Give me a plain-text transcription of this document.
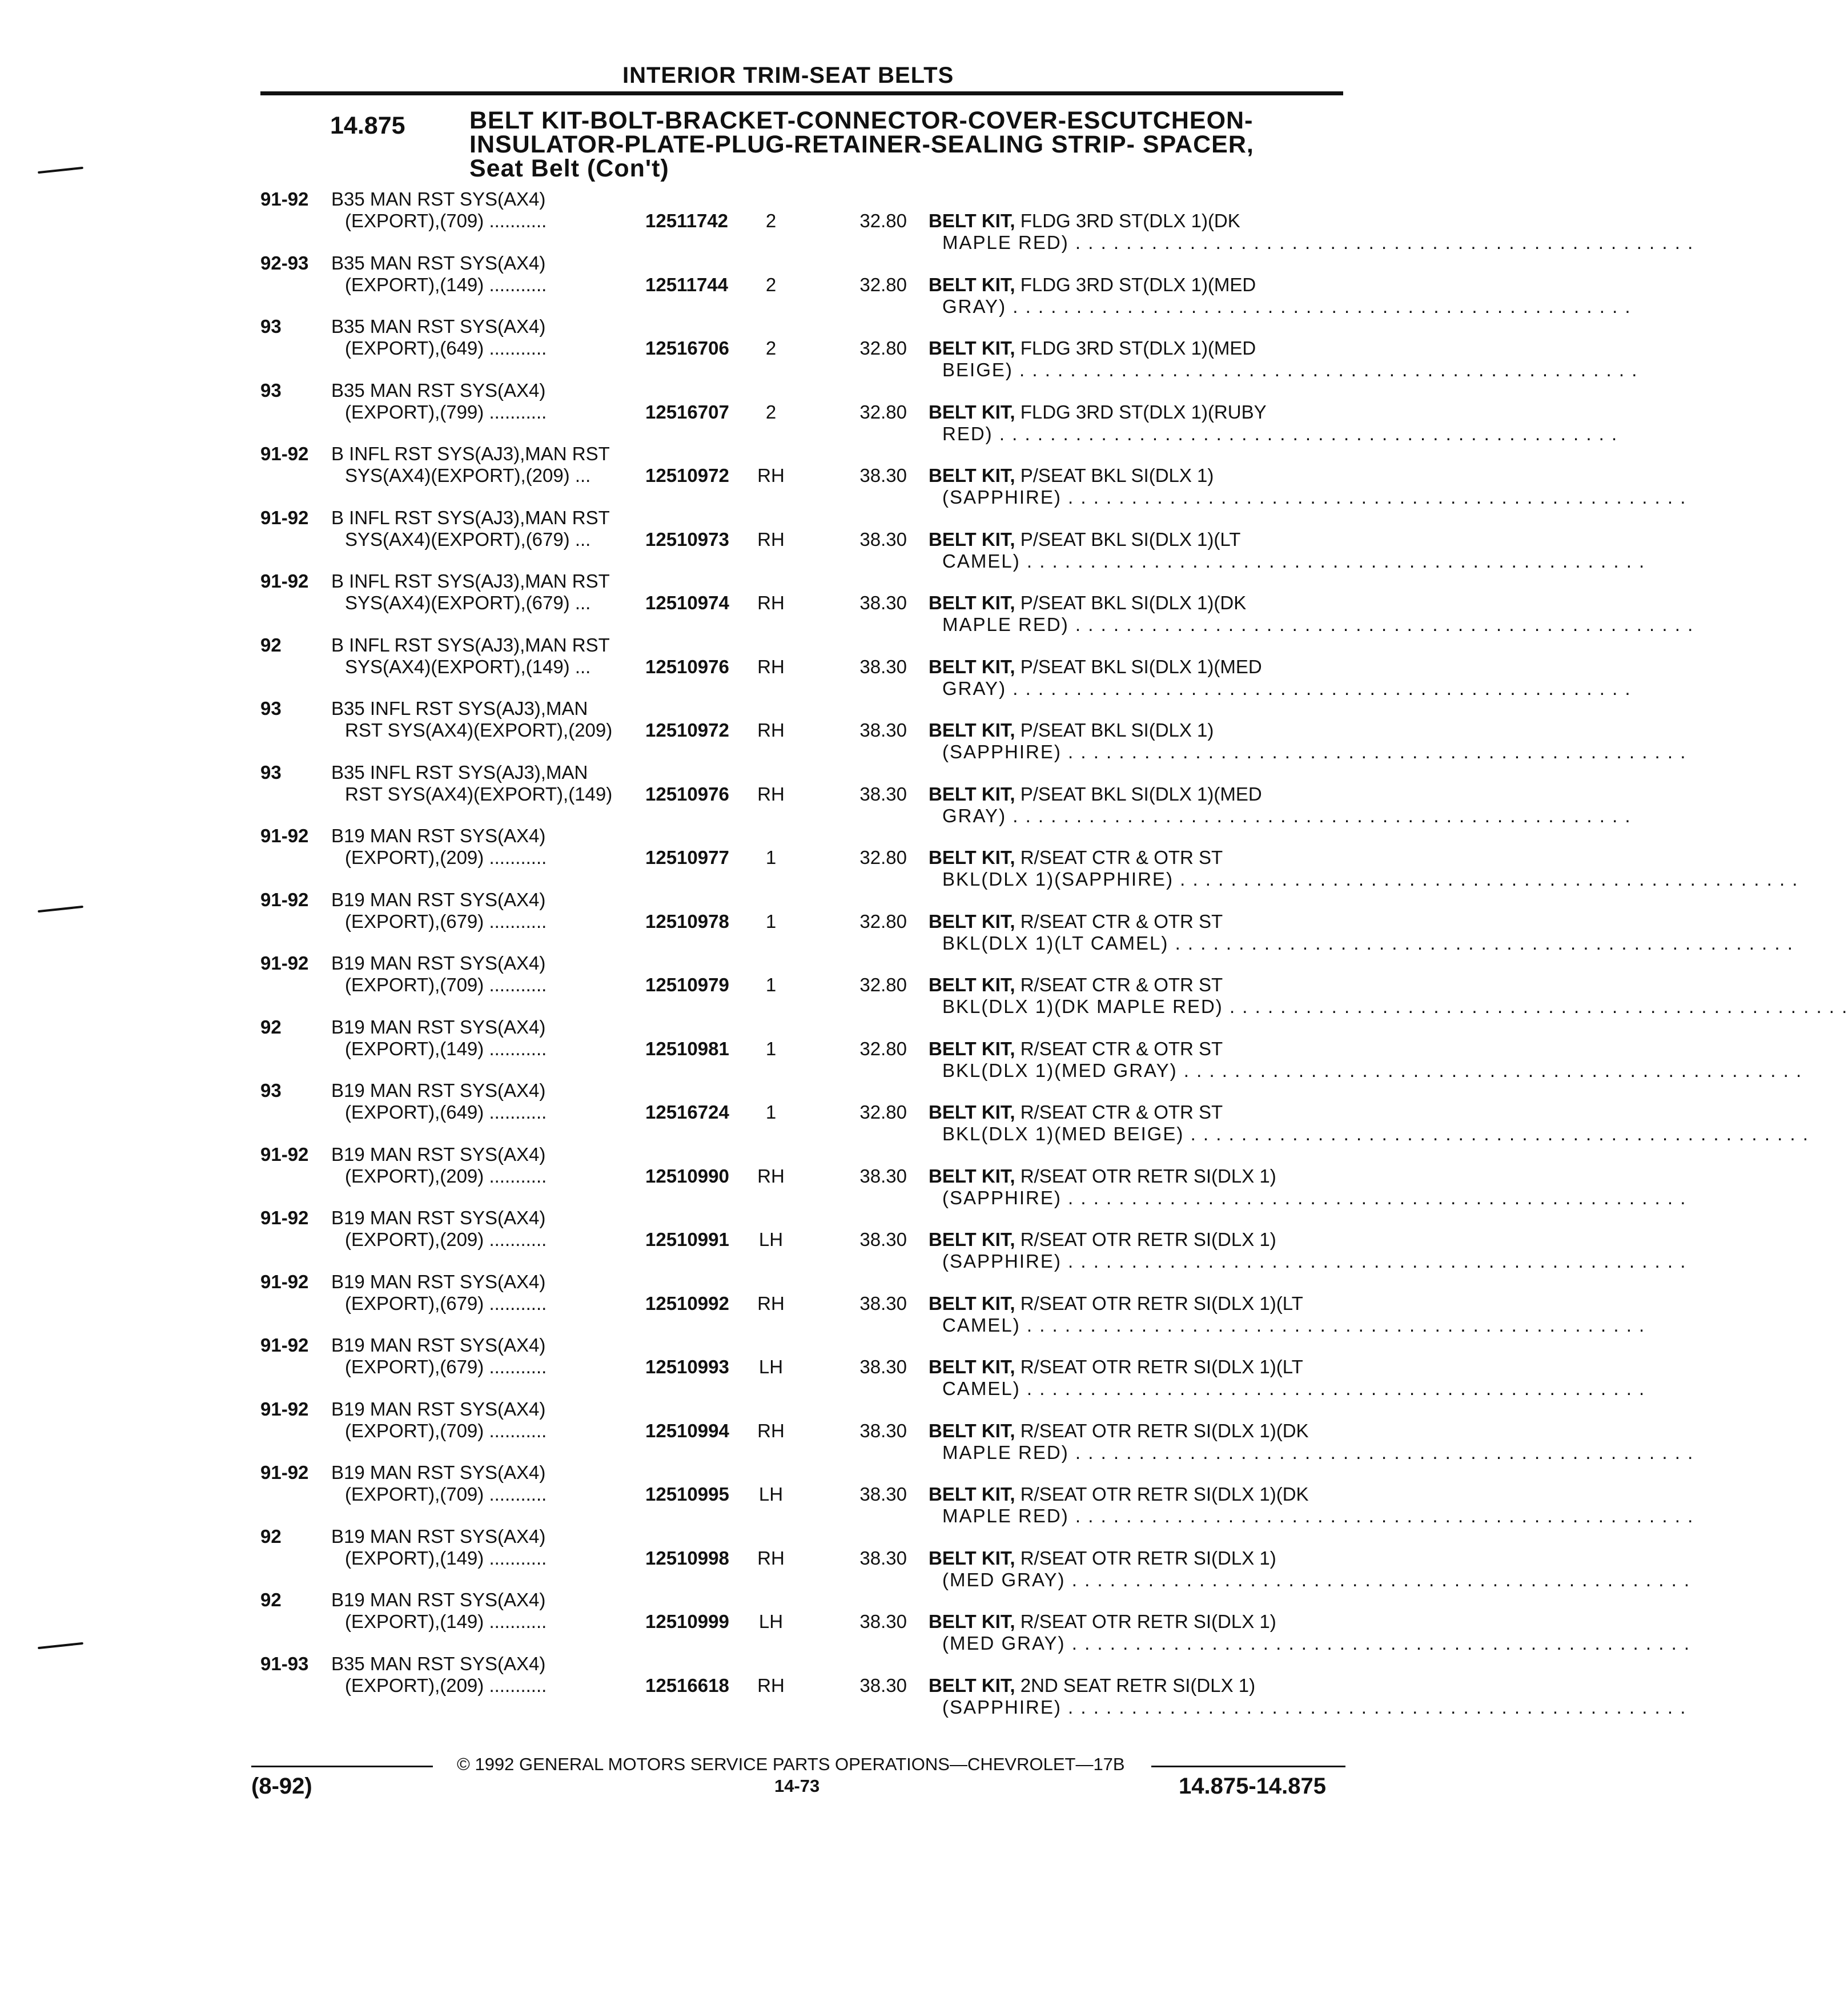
INTERIOR TRIM-SEAT BELTS
14.875	BELT KIT-BOLT-BRACKET-CONNECTOR-COVER-ESCUTCHEON-
INSULATOR-PLATE-PLUG-RETAINER-SEALING STRIP- SPACER,
Seat Belt (Con't)
91-92 B35 MAN RST SYS(AX4)
(EXPORT),(709) ...........	12511742	2	32.80 BELT KIT, FLDG 3RD ST(DLX 1)(DK
MAPLE RED) . . . . . . . . . . . . . . . . . . . . . . . . . . . . . . . . . . . . . . . . . . . . . . . . .
92-93 B35 MAN RST SYS(AX4)
(EXPORT),(149) ...........	12511744	2	32.80 BELT KIT, FLDG 3RD ST(DLX 1)(MED
GRAY) . . . . . . . . . . . . . . . . . . . . . . . . . . . . . . . . . . . . . . . . . . . . . . . . .
93	B35 MAN RST SYS(AX4)
(EXPORT),(649) ...........	12516706	2	32.80 BELT KIT, FLDG 3RD ST(DLX 1)(MED
BEIGE) . . . . . . . . . . . . . . . . . . . . . . . . . . . . . . . . . . . . . . . . . . . . . . . . .
93	B35 MAN RST SYS(AX4)
(EXPORT),(799) ...........	12516707	2	32.80 BELT KIT, FLDG 3RD ST(DLX 1)(RUBY
RED) . . . . . . . . . . . . . . . . . . . . . . . . . . . . . . . . . . . . . . . . . . . . . . . . .
91-92 B INFL RST SYS(AJ3),MAN RST
SYS(AX4)(EXPORT),(209) ...	12510972 RH	38.30 BELT KIT, P/SEAT BKL SI(DLX 1)
(SAPPHIRE) . . . . . . . . . . . . . . . . . . . . . . . . . . . . . . . . . . . . . . . . . . . . . . . . .
91-92 B INFL RST SYS(AJ3),MAN RST
SYS(AX4)(EXPORT),(679) ...	12510973 RH	38.30 BELT KIT, P/SEAT BKL SI(DLX 1)(LT
CAMEL) . . . . . . . . . . . . . . . . . . . . . . . . . . . . . . . . . . . . . . . . . . . . . . . . .
91-92 B INFL RST SYS(AJ3),MAN RST
SYS(AX4)(EXPORT),(679) ...	12510974 RH	38.30 BELT KIT, P/SEAT BKL SI(DLX 1)(DK
MAPLE RED) . . . . . . . . . . . . . . . . . . . . . . . . . . . . . . . . . . . . . . . . . . . . . . . . .
92	B INFL RST SYS(AJ3),MAN RST
SYS(AX4)(EXPORT),(149) ...	12510976 RH	38.30 BELT KIT, P/SEAT BKL SI(DLX 1)(MED
GRAY) . . . . . . . . . . . . . . . . . . . . . . . . . . . . . . . . . . . . . . . . . . . . . . . . .
93	B35 INFL RST SYS(AJ3),MAN
RST SYS(AX4)(EXPORT),(209) 12510972 RH	38.30 BELT KIT, P/SEAT BKL SI(DLX 1)
(SAPPHIRE) . . . . . . . . . . . . . . . . . . . . . . . . . . . . . . . . . . . . . . . . . . . . . . . . .
93	B35 INFL RST SYS(AJ3),MAN
RST SYS(AX4)(EXPORT),(149) 12510976 RH	38.30 BELT KIT, P/SEAT BKL SI(DLX 1)(MED
GRAY) . . . . . . . . . . . . . . . . . . . . . . . . . . . . . . . . . . . . . . . . . . . . . . . . .
91-92 B19 MAN RST SYS(AX4)
(EXPORT),(209) ...........	12510977	1	32.80 BELT KIT, R/SEAT CTR & OTR ST
BKL(DLX 1)(SAPPHIRE) . . . . . . . . . . . . . . . . . . . . . . . . . . . . . . . . . . . . . . . . . . . . . . . . .
91-92 B19 MAN RST SYS(AX4)
(EXPORT),(679) ...........	12510978	1	32.80 BELT KIT, R/SEAT CTR & OTR ST
BKL(DLX 1)(LT CAMEL) . . . . . . . . . . . . . . . . . . . . . . . . . . . . . . . . . . . . . . . . . . . . . . . . .
91-92 B19 MAN RST SYS(AX4)
(EXPORT),(709) ...........	12510979	1	32.80 BELT KIT, R/SEAT CTR & OTR ST
BKL(DLX 1)(DK MAPLE RED) . . . . . . . . . . . . . . . . . . . . . . . . . . . . . . . . . . . . . . . . . . . . . . . . .
92	B19 MAN RST SYS(AX4)
(EXPORT),(149) ...........	12510981	1	32.80 BELT KIT, R/SEAT CTR & OTR ST
BKL(DLX 1)(MED GRAY) . . . . . . . . . . . . . . . . . . . . . . . . . . . . . . . . . . . . . . . . . . . . . . . . .
93	B19 MAN RST SYS(AX4)
(EXPORT),(649) ...........	12516724	1	32.80 BELT KIT, R/SEAT CTR & OTR ST
BKL(DLX 1)(MED BEIGE) . . . . . . . . . . . . . . . . . . . . . . . . . . . . . . . . . . . . . . . . . . . . . . . . .
91-92 B19 MAN RST SYS(AX4)
(EXPORT),(209) ...........	12510990 RH	38.30 BELT KIT, R/SEAT OTR RETR SI(DLX 1)
(SAPPHIRE) . . . . . . . . . . . . . . . . . . . . . . . . . . . . . . . . . . . . . . . . . . . . . . . . .
91-92 B19 MAN RST SYS(AX4)
(EXPORT),(209) ...........	12510991 LH	38.30 BELT KIT, R/SEAT OTR RETR SI(DLX 1)
(SAPPHIRE) . . . . . . . . . . . . . . . . . . . . . . . . . . . . . . . . . . . . . . . . . . . . . . . . .
91-92 B19 MAN RST SYS(AX4)
(EXPORT),(679) ...........	12510992 RH	38.30 BELT KIT, R/SEAT OTR RETR SI(DLX 1)(LT
CAMEL) . . . . . . . . . . . . . . . . . . . . . . . . . . . . . . . . . . . . . . . . . . . . . . . . .
91-92 B19 MAN RST SYS(AX4)
(EXPORT),(679) ...........	12510993 LH	38.30 BELT KIT, R/SEAT OTR RETR SI(DLX 1)(LT
CAMEL) . . . . . . . . . . . . . . . . . . . . . . . . . . . . . . . . . . . . . . . . . . . . . . . . .
91-92 B19 MAN RST SYS(AX4)
(EXPORT),(709) ...........	12510994 RH	38.30 BELT KIT, R/SEAT OTR RETR SI(DLX 1)(DK
MAPLE RED) . . . . . . . . . . . . . . . . . . . . . . . . . . . . . . . . . . . . . . . . . . . . . . . . .
91-92 B19 MAN RST SYS(AX4)
(EXPORT),(709) ...........	12510995 LH	38.30 BELT KIT, R/SEAT OTR RETR SI(DLX 1)(DK
MAPLE RED) . . . . . . . . . . . . . . . . . . . . . . . . . . . . . . . . . . . . . . . . . . . . . . . . .
92	B19 MAN RST SYS(AX4)
(EXPORT),(149) ...........	12510998 RH	38.30 BELT KIT, R/SEAT OTR RETR SI(DLX 1)
(MED GRAY) . . . . . . . . . . . . . . . . . . . . . . . . . . . . . . . . . . . . . . . . . . . . . . . . .
92	B19 MAN RST SYS(AX4)
(EXPORT),(149) ...........	12510999 LH	38.30 BELT KIT, R/SEAT OTR RETR SI(DLX 1)
(MED GRAY) . . . . . . . . . . . . . . . . . . . . . . . . . . . . . . . . . . . . . . . . . . . . . . . . .
91-93 B35 MAN RST SYS(AX4)
(EXPORT),(209) ...........	12516618 RH	38.30 BELT KIT, 2ND SEAT RETR SI(DLX 1)
(SAPPHIRE) . . . . . . . . . . . . . . . . . . . . . . . . . . . . . . . . . . . . . . . . . . . . . . . . .
© 1992 GENERAL MOTORS SERVICE PARTS OPERATIONS—CHEVROLET—17B
(8-92)	14-73	14.875-14.875
